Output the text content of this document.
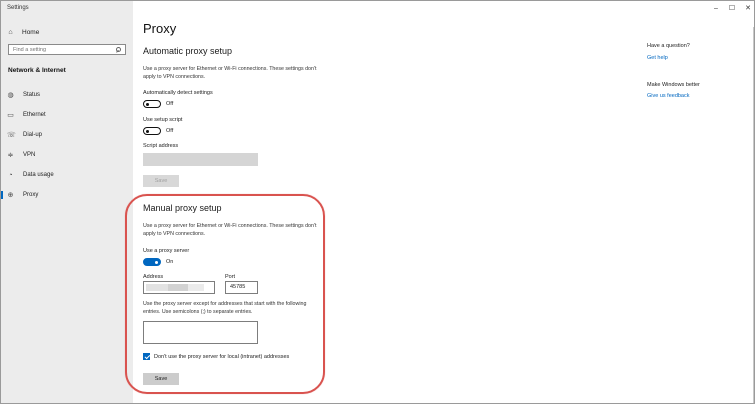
Settings
⌂ Home
Find a setting
Network & Internet
◍ Status
▭ Ethernet
☏ Dial-up
≑ VPN
◔ Data usage
⊕ Proxy
–	☐	✕
Proxy
Automatic proxy setup
Use a proxy server for Ethernet or Wi-Fi connections. These settings don't apply to VPN connections.
Automatically detect settings
Off
Use setup script
Off
Script address
Save
Manual proxy setup
Use a proxy server for Ethernet or Wi-Fi connections. These settings don't apply to VPN connections.
Use a proxy server
On
Address	Port
45785
Use the proxy server except for addresses that start with the following entries. Use semicolons (;) to separate entries.
Don't use the proxy server for local (intranet) addresses
Save
Have a question?
Get help
Make Windows better
Give us feedback
